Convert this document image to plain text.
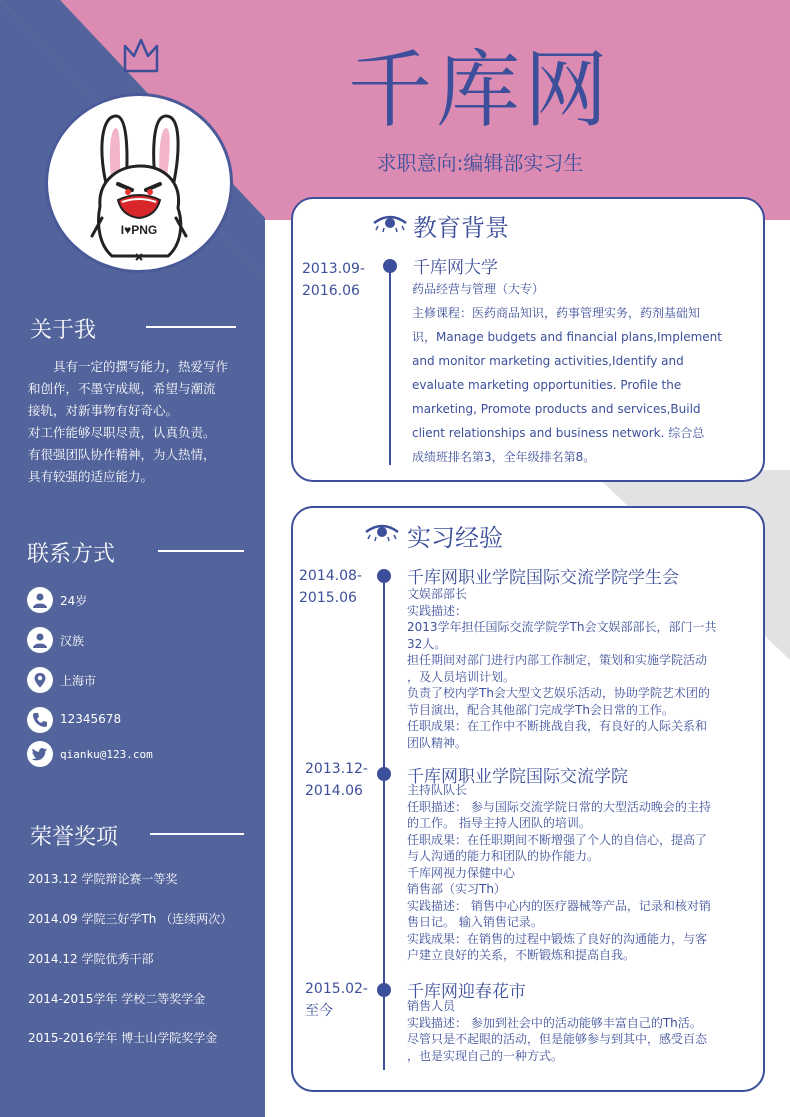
千库网
求职意向:编辑部实习生
I♥PNG
关于我

具有一定的撰写能力，热爱写作

和创作，不墨守成规，希望与潮流

接轨，对新事物有好奇心。

对工作能够尽职尽责，认真负责。

有很强团队协作精神，为人热情，

具有较强的适应能力。

联系方式
24岁
汉族
上海市
12345678
qianku@123.com
荣誉奖项
2013.12 学院辩论赛一等奖
2014.09 学院三好学Th （连续两次）
2014.12 学院优秀干部
2014-2015学年 学校二等奖学金
2015-2016学年 博士山学院奖学金
教育背景
2013.09-
2016.06
千库网大学

药品经营与管理（大专）

主修课程：医药商品知识，药事管理实务，药剂基础知

识，Manage budgets and financial plans,Implement

and monitor marketing activities,Identify and

evaluate marketing opportunities. Profile the

marketing, Promote products and services,Build

client relationships and business network. 综合总

成绩班排名第3，全年级排名第8。

实习经验
2014.08-
2015.06
千库网职业学院国际交流学院学生会

文娱部部长

实践描述：

2013学年担任国际交流学院学Th会文娱部部长，部门一共

32人。

担任期间对部门进行内部工作制定，策划和实施学院活动

，及人员培训计划。

负责了校内学Th会大型文艺娱乐活动，协助学院艺术团的

节目演出，配合其他部门完成学Th会日常的工作。

任职成果：在工作中不断挑战自我，有良好的人际关系和

团队精神。

2013.12-
2014.06
千库网职业学院国际交流学院

主持队队长

任职描述： 参与国际交流学院日常的大型活动晚会的主持

的工作。 指导主持人团队的培训。

任职成果：在任职期间不断增强了个人的自信心，提高了

与人沟通的能力和团队的协作能力。

千库网视力保健中心

销售部（实习Th）

实践描述： 销售中心内的医疗器械等产品，记录和核对销

售日记。 输入销售记录。

实践成果：在销售的过程中锻炼了良好的沟通能力，与客

户建立良好的关系，不断锻炼和提高自我。

2015.02-
至今
千库网迎春花市

销售人员

实践描述： 参加到社会中的活动能够丰富自己的Th活。

尽管只是不起眼的活动，但是能够参与到其中，感受百态

，也是实现自己的一种方式。
